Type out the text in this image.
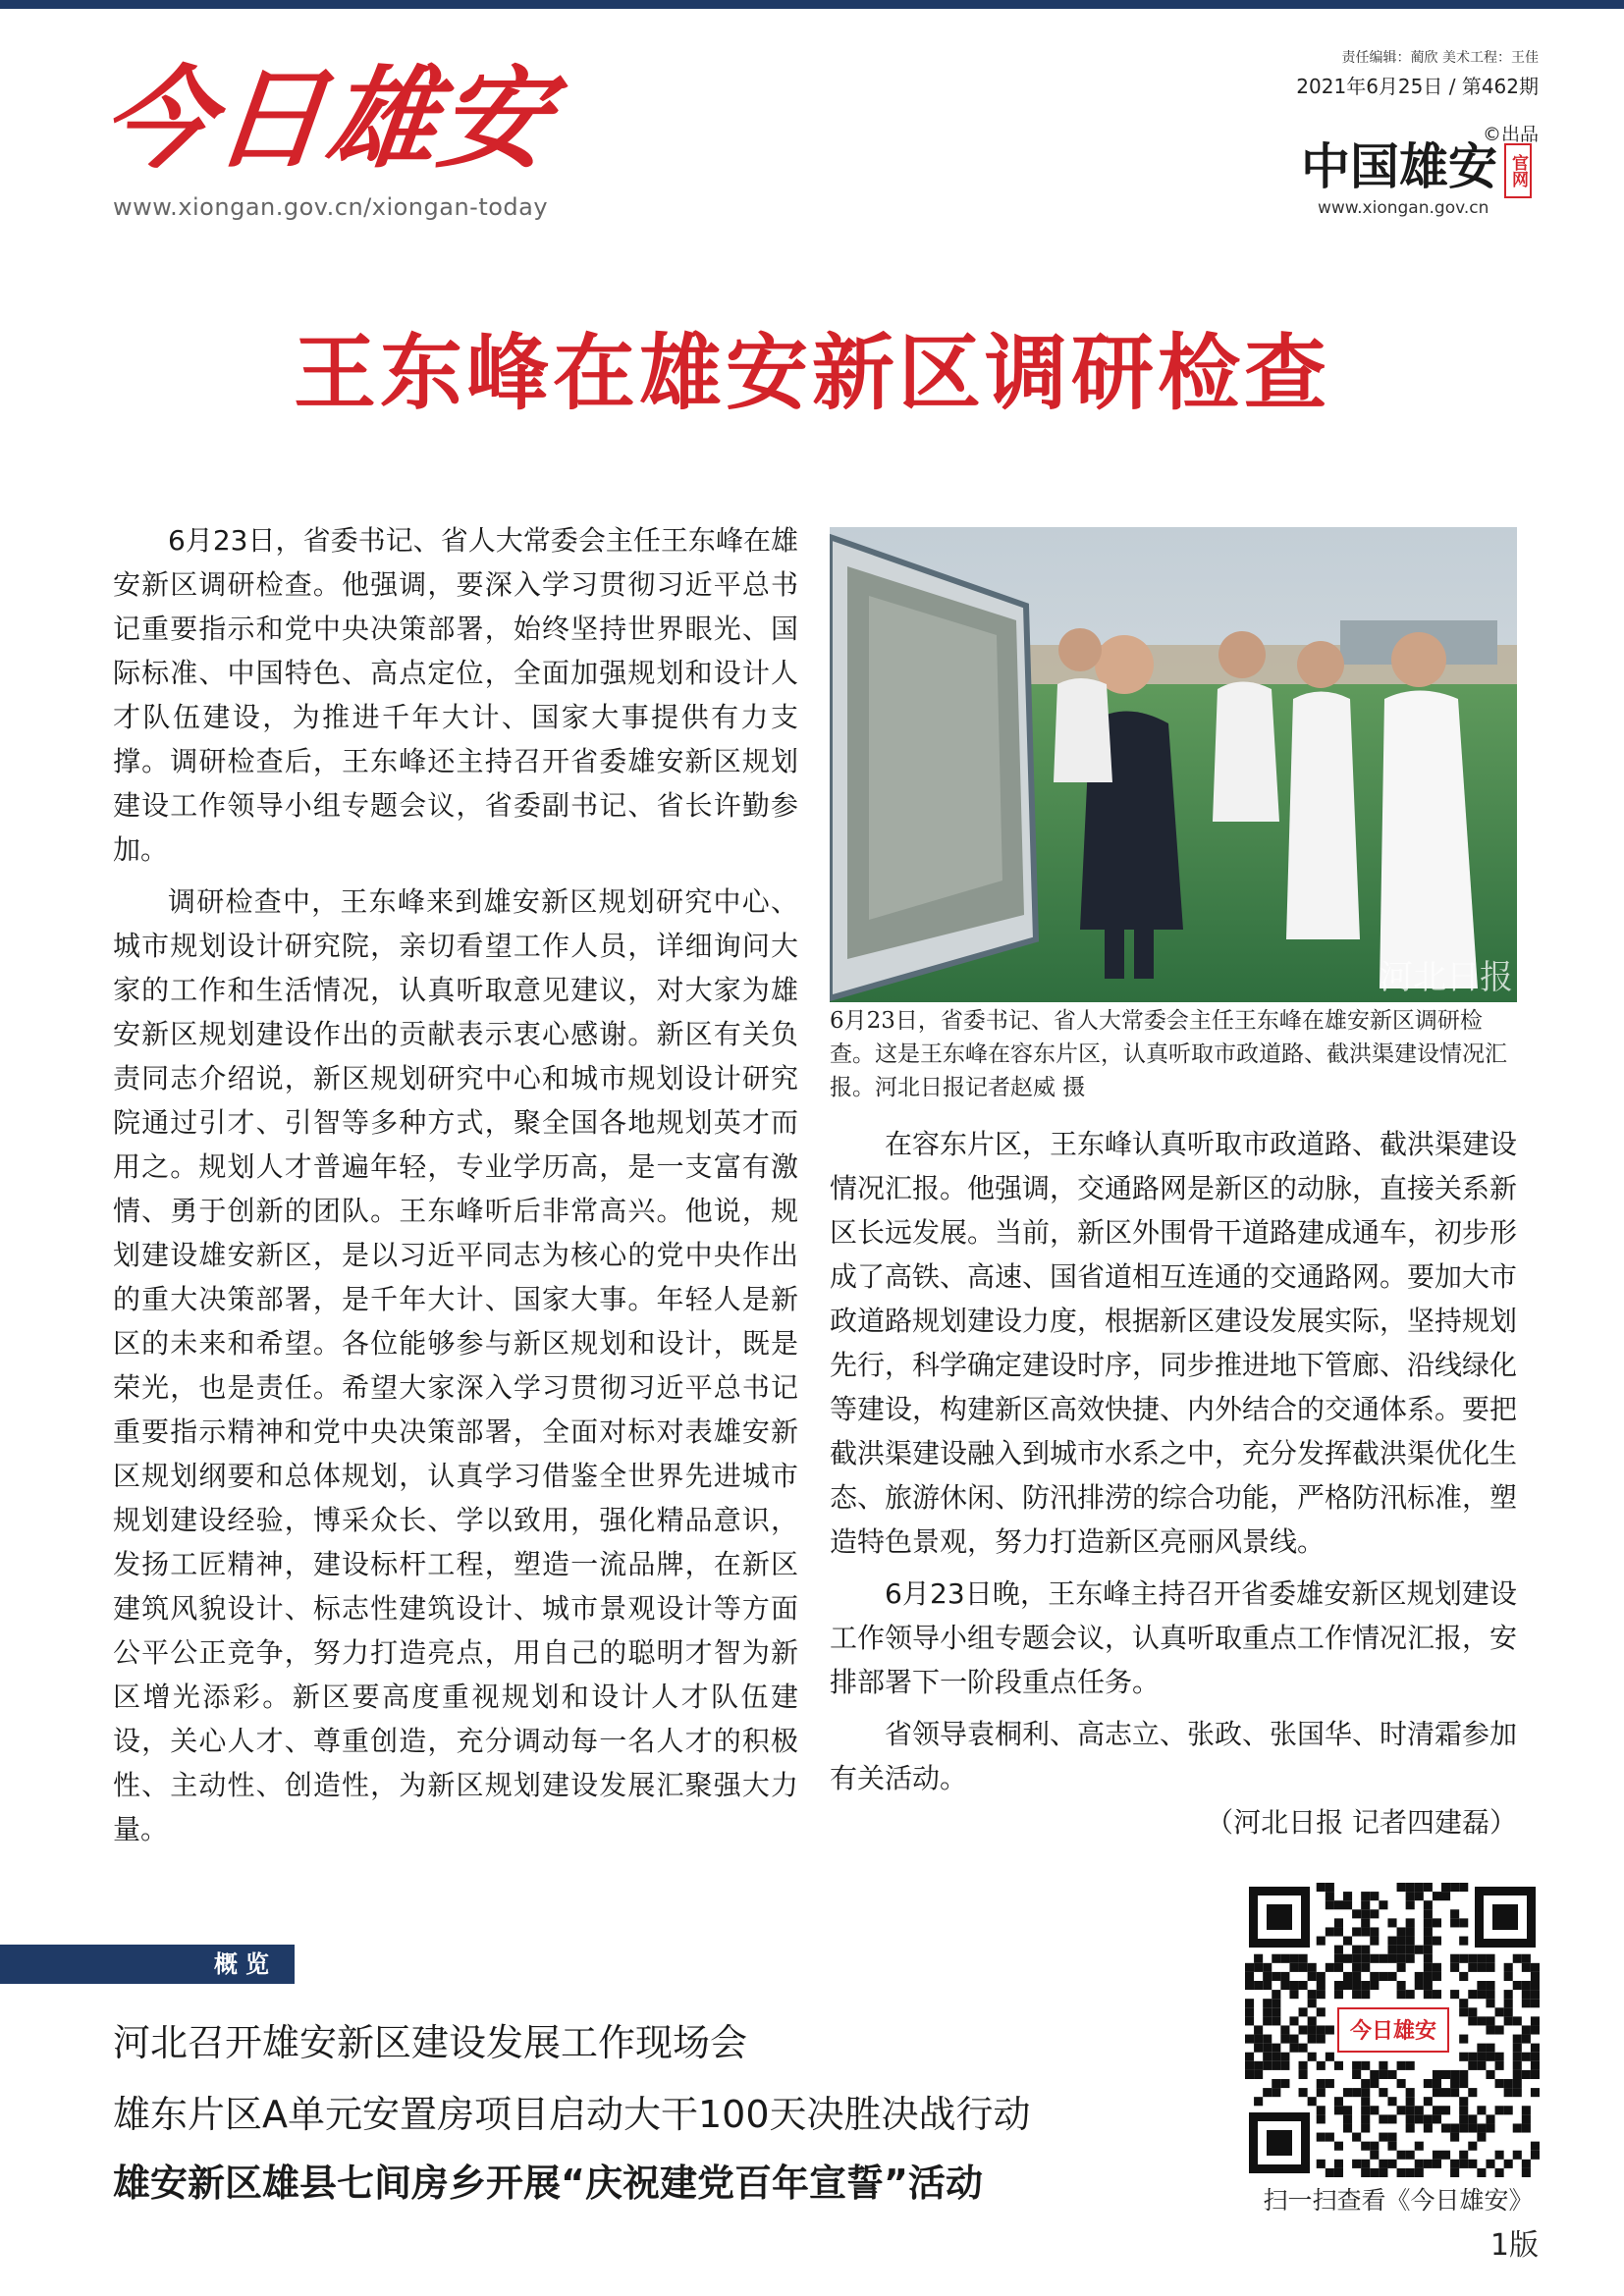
今日雄安
www.xiongan.gov.cn/xiongan-today
责任编辑：蔺欣 美术工程：王佳
2021年6月25日 / 第462期
©出品
中国雄安 官网
www.xiongan.gov.cn
王东峰在雄安新区调研检查

6月23日，省委书记、省人大常委会主任王东峰在雄安新区调研检查。他强调，要深入学习贯彻习近平总书记重要指示和党中央决策部署，始终坚持世界眼光、国际标准、中国特色、高点定位，全面加强规划和设计人才队伍建设，为推进千年大计、国家大事提供有力支撑。调研检查后，王东峰还主持召开省委雄安新区规划建设工作领导小组专题会议，省委副书记、省长许勤参加。

调研检查中，王东峰来到雄安新区规划研究中心、城市规划设计研究院，亲切看望工作人员，详细询问大家的工作和生活情况，认真听取意见建议，对大家为雄安新区规划建设作出的贡献表示衷心感谢。新区有关负责同志介绍说，新区规划研究中心和城市规划设计研究院通过引才、引智等多种方式，聚全国各地规划英才而用之。规划人才普遍年轻，专业学历高，是一支富有激情、勇于创新的团队。王东峰听后非常高兴。他说，规划建设雄安新区，是以习近平同志为核心的党中央作出的重大决策部署，是千年大计、国家大事。年轻人是新区的未来和希望。各位能够参与新区规划和设计，既是荣光，也是责任。希望大家深入学习贯彻习近平总书记重要指示精神和党中央决策部署，全面对标对表雄安新区规划纲要和总体规划，认真学习借鉴全世界先进城市规划建设经验，博采众长、学以致用，强化精品意识，发扬工匠精神，建设标杆工程，塑造一流品牌，在新区建筑风貌设计、标志性建筑设计、城市景观设计等方面公平公正竞争，努力打造亮点，用自己的聪明才智为新区增光添彩。新区要高度重视规划和设计人才队伍建设，关心人才、尊重创造，充分调动每一名人才的积极性、主动性、创造性，为新区规划建设发展汇聚强大力量。

河北日报
6月23日，省委书记、省人大常委会主任王东峰在雄安新区调研检查。这是王东峰在容东片区，认真听取市政道路、截洪渠建设情况汇报。河北日报记者赵威 摄

在容东片区，王东峰认真听取市政道路、截洪渠建设情况汇报。他强调，交通路网是新区的动脉，直接关系新区长远发展。当前，新区外围骨干道路建成通车，初步形成了高铁、高速、国省道相互连通的交通路网。要加大市政道路规划建设力度，根据新区建设发展实际，坚持规划先行，科学确定建设时序，同步推进地下管廊、沿线绿化等建设，构建新区高效快捷、内外结合的交通体系。要把截洪渠建设融入到城市水系之中，充分发挥截洪渠优化生态、旅游休闲、防汛排涝的综合功能，严格防汛标准，塑造特色景观，努力打造新区亮丽风景线。

6月23日晚，王东峰主持召开省委雄安新区规划建设工作领导小组专题会议，认真听取重点工作情况汇报，安排部署下一阶段重点任务。

省领导袁桐利、高志立、张政、张国华、时清霜参加有关活动。

（河北日报 记者四建磊）
概览
河北召开雄安新区建设发展工作现场会
雄东片区A单元安置房项目启动大干100天决胜决战行动
雄安新区雄县七间房乡开展“庆祝建党百年宣誓”活动
今日雄安
扫一扫查看《今日雄安》
1版
